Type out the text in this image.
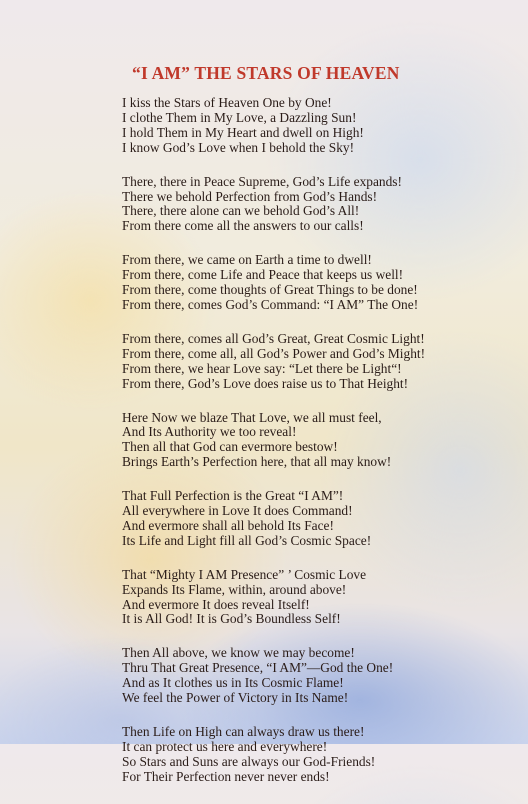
“I AM” THE STARS OF HEAVEN
I kiss the Stars of Heaven One by One!
I clothe Them in My Love, a Dazzling Sun!
I hold Them in My Heart and dwell on High!
I know God’s Love when I behold the Sky!
There, there in Peace Supreme, God’s Life expands!
There we behold Perfection from God’s Hands!
There, there alone can we behold God’s All!
From there come all the answers to our calls!
From there, we came on Earth a time to dwell!
From there, come Life and Peace that keeps us well!
From there, come thoughts of Great Things to be done!
From there, comes God’s Command: “I AM” The One!
From there, comes all God’s Great, Great Cosmic Light!
From there, come all, all God’s Power and God’s Might!
From there, we hear Love say: “Let there be Light“!
From there, God’s Love does raise us to That Height!
Here Now we blaze That Love, we all must feel,
And Its Authority we too reveal!
Then all that God can evermore bestow!
Brings Earth’s Perfection here, that all may know!
That Full Perfection is the Great “I AM”!
All everywhere in Love It does Command!
And evermore shall all behold Its Face!
Its Life and Light fill all God’s Cosmic Space!
That “Mighty I AM Presence” ’ Cosmic Love
Expands Its Flame, within, around above!
And evermore It does reveal Itself!
It is All God! It is God’s Boundless Self!
Then All above, we know we may become!
Thru That Great Presence, “I AM”—God the One!
And as It clothes us in Its Cosmic Flame!
We feel the Power of Victory in Its Name!
Then Life on High can always draw us there!
It can protect us here and everywhere!
So Stars and Suns are always our God-Friends!
For Their Perfection never never ends!
